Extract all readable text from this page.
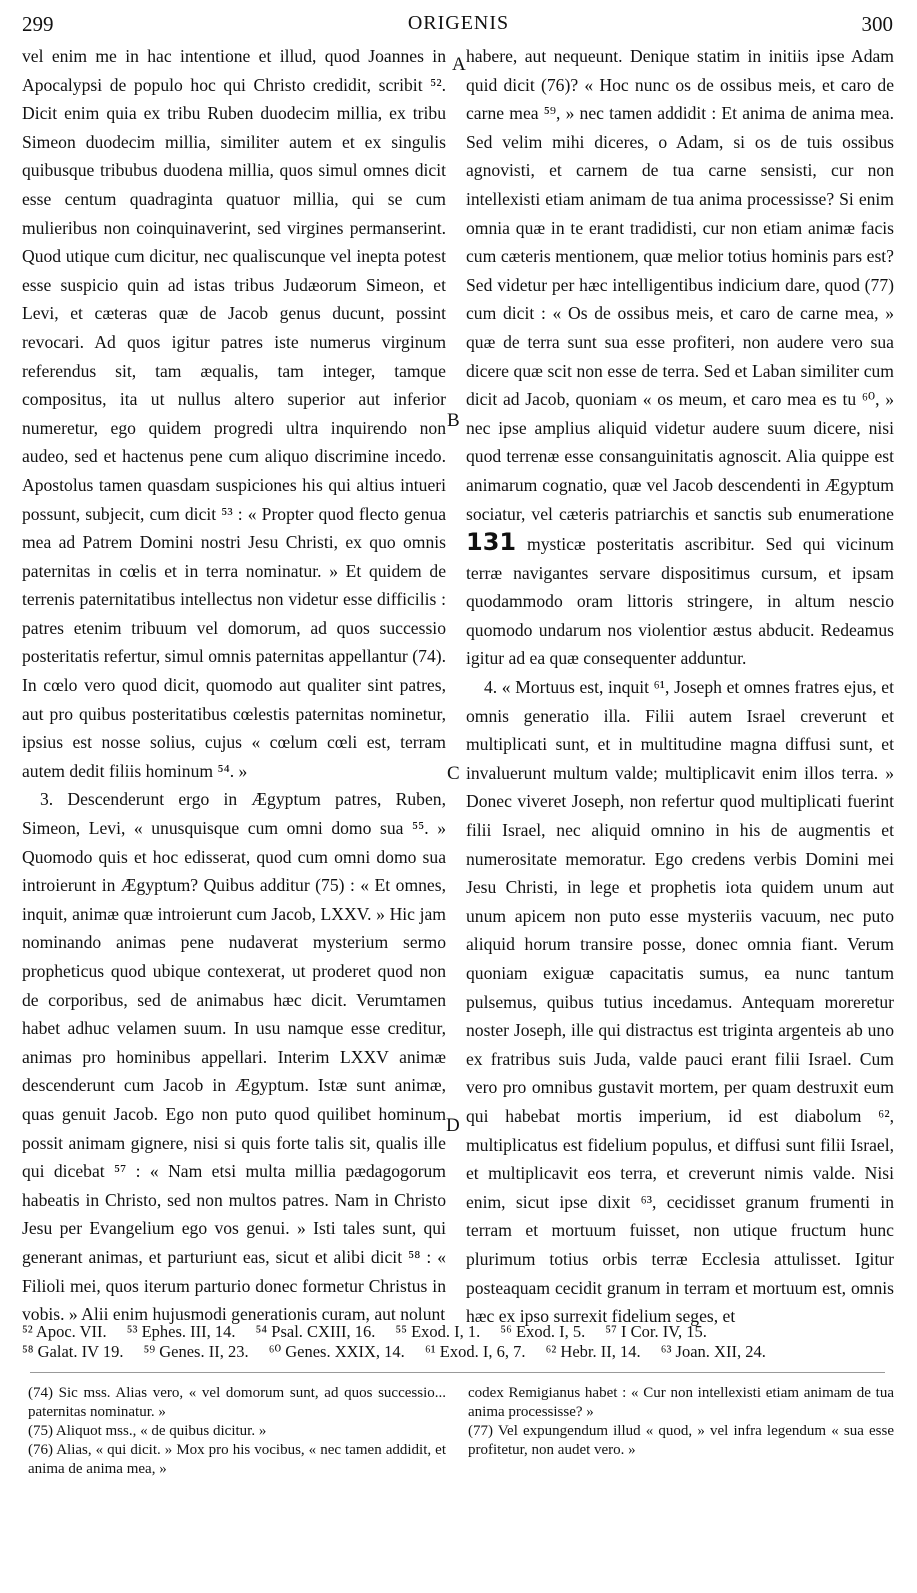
299	ORIGENIS	300

vel enim me in hac intentione et illud, quod Joannes in Apocalypsi de populo hoc qui Christo credidit, scribit ⁵². Dicit enim quia ex tribu Ruben duodecim millia, ex tribu Simeon duodecim millia, similiter autem et ex singulis quibusque tribubus duodena millia, quos simul omnes dicit esse centum quadraginta quatuor millia, qui se cum mulieribus non coinquinaverint, sed virgines permanserint. Quod utique cum dicitur, nec qualiscunque vel inepta potest esse suspicio quin ad istas tribus Judæorum Simeon, et Levi, et cæteras quæ de Jacob genus ducunt, possint revocari. Ad quos igitur patres iste numerus virginum referendus sit, tam æqualis, tam integer, tamque compositus, ita ut nullus altero superior aut inferior numeretur, ego quidem progredi ultra inquirendo non audeo, sed et hactenus pene cum aliquo discrimine incedo. Apostolus tamen quasdam suspiciones his qui altius intueri possunt, subjecit, cum dicit ⁵³ : « Propter quod flecto genua mea ad Patrem Domini nostri Jesu Christi, ex quo omnis paternitas in cœlis et in terra nominatur. » Et quidem de terrenis paternitatibus intellectus non videtur esse difficilis : patres etenim tribuum vel domorum, ad quos successio posteritatis refertur, simul omnis paternitas appellantur (74). In cœlo vero quod dicit, quomodo aut qualiter sint patres, aut pro quibus posteritatibus cœlestis paternitas nominetur, ipsius est nosse solius, cujus « cœlum cœli est, terram autem dedit filiis hominum ⁵⁴. »

3. Descenderunt ergo in Ægyptum patres, Ruben, Simeon, Levi, « unusquisque cum omni domo sua ⁵⁵. » Quomodo quis et hoc edisserat, quod cum omni domo sua introierunt in Ægyptum? Quibus additur (75) : « Et omnes, inquit, animæ quæ introierunt cum Jacob, LXXV. » Hic jam nominando animas pene nudaverat mysterium sermo propheticus quod ubique contexerat, ut proderet quod non de corporibus, sed de animabus hæc dicit. Verumtamen habet adhuc velamen suum. In usu namque esse creditur, animas pro hominibus appellari. Interim LXXV animæ descenderunt cum Jacob in Ægyptum. Istæ sunt animæ, quas genuit Jacob. Ego non puto quod quilibet hominum possit animam gignere, nisi si quis forte talis sit, qualis ille qui dicebat ⁵⁷ : « Nam etsi multa millia pædagogorum habeatis in Christo, sed non multos patres. Nam in Christo Jesu per Evangelium ego vos genui. » Isti tales sunt, qui generant animas, et parturiunt eas, sicut et alibi dicit ⁵⁸ : « Filioli mei, quos iterum parturio donec formetur Christus in vobis. » Alii enim hujusmodi generationis curam, aut nolunt

habere, aut nequeunt. Denique statim in initiis ipse Adam quid dicit (76)? « Hoc nunc os de ossibus meis, et caro de carne mea ⁵⁹, » nec tamen addidit : Et anima de anima mea. Sed velim mihi diceres, o Adam, si os de tuis ossibus agnovisti, et carnem de tua carne sensisti, cur non intellexisti etiam animam de tua anima processisse? Si enim omnia quæ in te erant tradidisti, cur non etiam animæ facis cum cæteris mentionem, quæ melior totius hominis pars est? Sed videtur per hæc intelligentibus indicium dare, quod (77) cum dicit : « Os de ossibus meis, et caro de carne mea, » quæ de terra sunt sua esse profiteri, non audere vero sua dicere quæ scit non esse de terra. Sed et Laban similiter cum dicit ad Jacob, quoniam « os meum, et caro mea es tu ⁶⁰, » nec ipse amplius aliquid videtur audere suum dicere, nisi quod terrenæ esse consanguinitatis agnoscit. Alia quippe est animarum cognatio, quæ vel Jacob descendenti in Ægyptum sociatur, vel cæteris patriarchis et sanctis sub enumeratione 131 mysticæ posteritatis ascribitur. Sed qui vicinum terræ navigantes servare dispositimus cursum, et ipsam quodammodo oram littoris stringere, in altum nescio quomodo undarum nos violentior æstus abducit. Redeamus igitur ad ea quæ consequenter adduntur.

4. « Mortuus est, inquit ⁶¹, Joseph et omnes fratres ejus, et omnis generatio illa. Filii autem Israel creverunt et multiplicati sunt, et in multitudine magna diffusi sunt, et invaluerunt multum valde; multiplicavit enim illos terra. » Donec viveret Joseph, non refertur quod multiplicati fuerint filii Israel, nec aliquid omnino in his de augmentis et numerositate memoratur. Ego credens verbis Domini mei Jesu Christi, in lege et prophetis iota quidem unum aut unum apicem non puto esse mysteriis vacuum, nec puto aliquid horum transire posse, donec omnia fiant. Verum quoniam exiguæ capacitatis sumus, ea nunc tantum pulsemus, quibus tutius incedamus. Antequam moreretur noster Joseph, ille qui distractus est triginta argenteis ab uno ex fratribus suis Juda, valde pauci erant filii Israel. Cum vero pro omnibus gustavit mortem, per quam destruxit eum qui habebat mortis imperium, id est diabolum ⁶², multiplicatus est fidelium populus, et diffusi sunt filii Israel, et multiplicavit eos terra, et creverunt nimis valde. Nisi enim, sicut ipse dixit ⁶³, cecidisset granum frumenti in terram et mortuum fuisset, non utique fructum hunc plurimum totius orbis terræ Ecclesia attulisset. Igitur posteaquam cecidit granum in terram et mortuum est, omnis hæc ex ipso surrexit fidelium seges, et

A
B
C
D
⁵² Apoc. VII. ⁵³ Ephes. III, 14. ⁵⁴ Psal. CXIII, 16. ⁵⁵ Exod. I, 1. ⁵⁶ Exod. I, 5. ⁵⁷ I Cor. IV, 15.
⁵⁸ Galat. IV 19. ⁵⁹ Genes. II, 23. ⁶⁰ Genes. XXIX, 14. ⁶¹ Exod. I, 6, 7. ⁶² Hebr. II, 14. ⁶³ Joan. XII, 24.

(74) Sic mss. Alias vero, « vel domorum sunt, ad quos successio... paternitas nominatur. »

(75) Aliquot mss., « de quibus dicitur. »

(76) Alias, « qui dicit. » Mox pro his vocibus, « nec tamen addidit, et anima de anima mea, »

codex Remigianus habet : « Cur non intellexisti etiam animam de tua anima processisse? »

(77) Vel expungendum illud « quod, » vel infra legendum « sua esse profitetur, non audet vero. »
